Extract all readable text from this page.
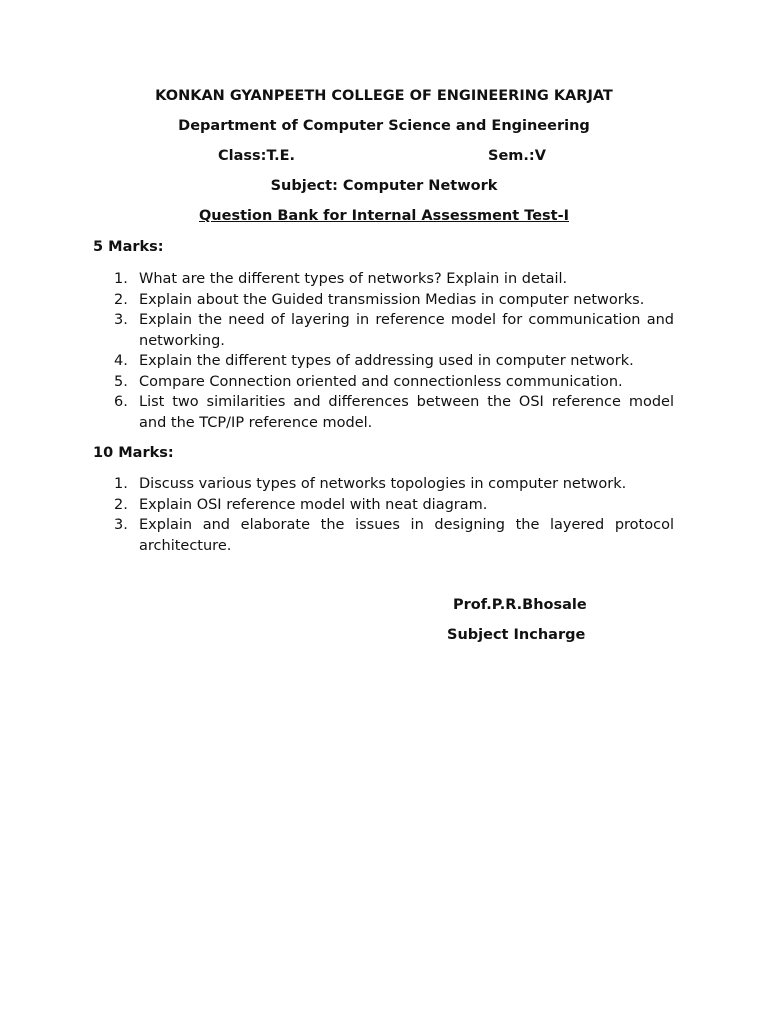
KONKAN GYANPEETH COLLEGE OF ENGINEERING KARJAT
Department of Computer Science and Engineering
Class:T.E.	Sem.:V
Subject: Computer Network
Question Bank for Internal Assessment Test-I
5 Marks:
1. What are the different types of networks? Explain in detail.
2. Explain about the Guided transmission Medias in computer networks.
3. Explain the need of layering in reference model for communication and networking.
4. Explain the different types of addressing used in computer network.
5. Compare Connection oriented and connectionless communication.
6. List two similarities and differences between the OSI reference model and the TCP/IP reference model.
10 Marks:
1. Discuss various types of networks topologies in computer network.
2. Explain OSI reference model with neat diagram.
3. Explain and elaborate the issues in designing the layered protocol architecture.
Prof.P.R.Bhosale
Subject Incharge
